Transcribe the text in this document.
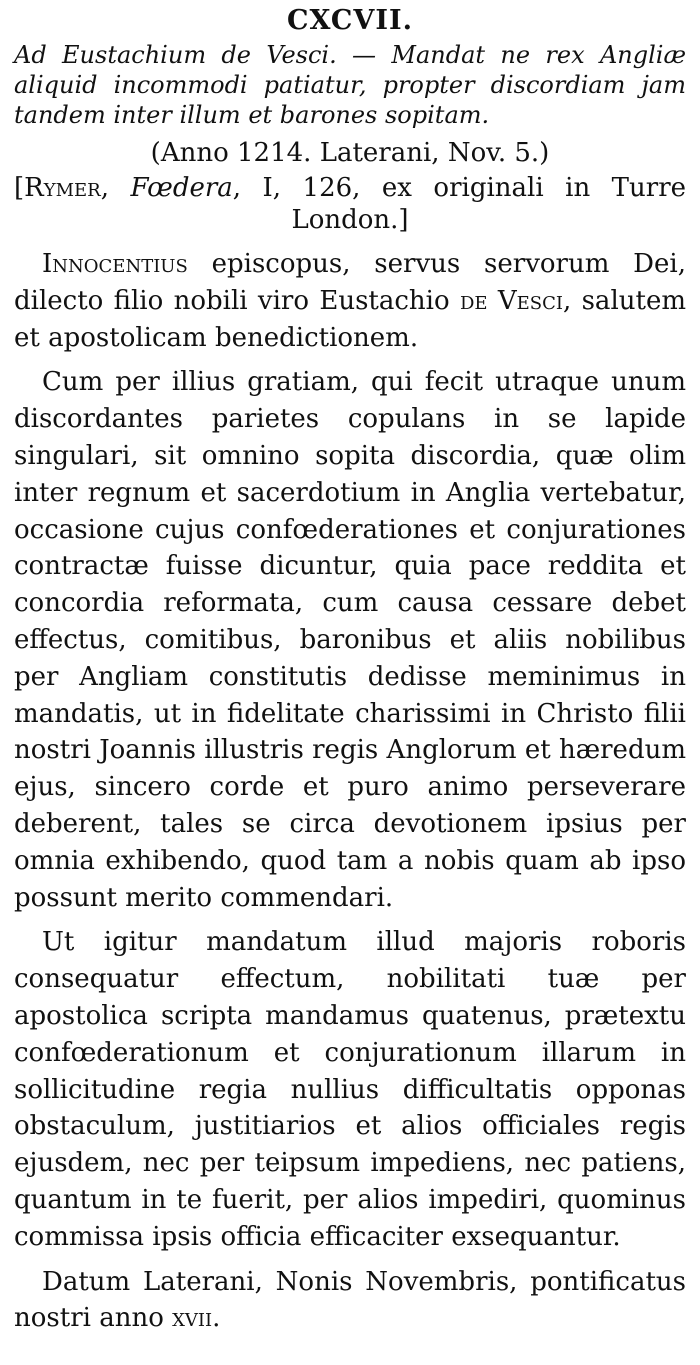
CXCVII.

Ad Eustachium de Vesci. — Mandat ne rex Angliæ aliquid incommodi patiatur, propter discordiam jam tandem inter illum et barones sopitam.

(Anno 1214. Laterani, Nov. 5.)

[Rymer, Fœdera, I, 126, ex originali in Turre London.]

Innocentius episcopus, servus servorum Dei, dilecto filio nobili viro Eustachio de Vesci, salutem et apostolicam benedictionem.

Cum per illius gratiam, qui fecit utraque unum discordantes parietes copulans in se lapide singulari, sit omnino sopita discordia, quæ olim inter regnum et sacerdotium in Anglia vertebatur, occasione cujus confœderationes et conjurationes contractæ fuisse dicuntur, quia pace reddita et concordia reformata, cum causa cessare debet effectus, comitibus, baronibus et aliis nobilibus per Angliam constitutis dedisse meminimus in mandatis, ut in fidelitate charissimi in Christo filii nostri Joannis illustris regis Anglorum et hæredum ejus, sincero corde et puro animo perseverare deberent, tales se circa devotionem ipsius per omnia exhibendo, quod tam a nobis quam ab ipso possunt merito commendari.

Ut igitur mandatum illud majoris roboris consequatur effectum, nobilitati tuæ per apostolica scripta mandamus quatenus, prætextu confœderationum et conjurationum illarum in sollicitudine regia nullius difficultatis opponas obstaculum, justitiarios et alios officiales regis ejusdem, nec per teipsum impediens, nec patiens, quantum in te fuerit, per alios impediri, quominus commissa ipsis officia efficaciter exsequantur.

Datum Laterani, Nonis Novembris, pontificatus nostri anno xvii.
